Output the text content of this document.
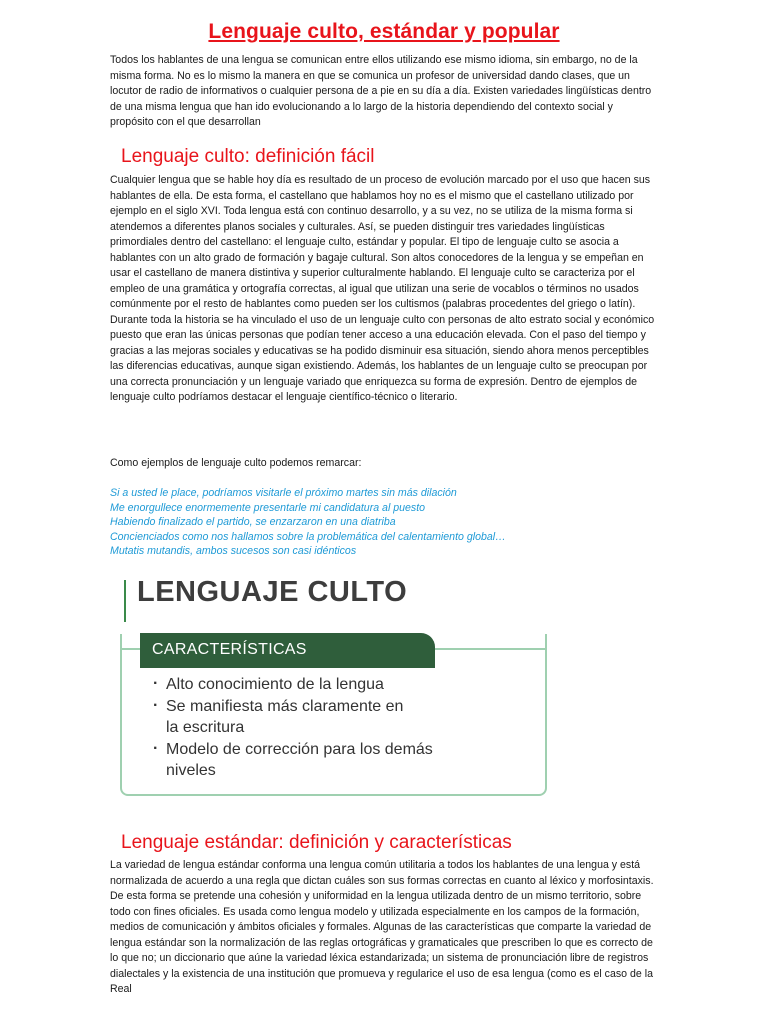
Lenguaje culto, estándar y popular

Todos los hablantes de una lengua se comunican entre ellos utilizando ese mismo idioma, sin embargo, no de la misma forma. No es lo mismo la manera en que se comunica un profesor de universidad dando clases, que un locutor de radio de informativos o cualquier persona de a pie en su día a día. Existen variedades lingüísticas dentro de una misma lengua que han ido evolucionando a lo largo de la historia dependiendo del contexto social y propósito con el que desarrollan

Lenguaje culto: definición fácil

Cualquier lengua que se hable hoy día es resultado de un proceso de evolución marcado por el uso que hacen sus hablantes de ella. De esta forma, el castellano que hablamos hoy no es el mismo que el castellano utilizado por ejemplo en el siglo XVI. Toda lengua está con continuo desarrollo, y a su vez, no se utiliza de la misma forma si atendemos a diferentes planos sociales y culturales. Así, se pueden distinguir tres variedades lingüísticas primordiales dentro del castellano: el lenguaje culto, estándar y popular. El tipo de lenguaje culto se asocia a hablantes con un alto grado de formación y bagaje cultural. Son altos conocedores de la lengua y se empeñan en usar el castellano de manera distintiva y superior culturalmente hablando. El lenguaje culto se caracteriza por el empleo de una gramática y ortografía correctas, al igual que utilizan una serie de vocablos o términos no usados comúnmente por el resto de hablantes como pueden ser los cultismos (palabras procedentes del griego o latín). Durante toda la historia se ha vinculado el uso de un lenguaje culto con personas de alto estrato social y económico puesto que eran las únicas personas que podían tener acceso a una educación elevada. Con el paso del tiempo y gracias a las mejoras sociales y educativas se ha podido disminuir esa situación, siendo ahora menos perceptibles las diferencias educativas, aunque sigan existiendo. Además, los hablantes de un lenguaje culto se preocupan por una correcta pronunciación y un lenguaje variado que enriquezca su forma de expresión. Dentro de ejemplos de lenguaje culto podríamos destacar el lenguaje científico-técnico o literario.

Como ejemplos de lenguaje culto podemos remarcar:

Si a usted le place, podríamos visitarle el próximo martes sin más dilación
Me enorgullece enormemente presentarle mi candidatura al puesto
Habiendo finalizado el partido, se enzarzaron en una diatriba
Concienciados como nos hallamos sobre la problemática del calentamiento global…
Mutatis mutandis, ambos sucesos son casi idénticos
LENGUAJE CULTO
CARACTERÍSTICAS
· Alto conocimiento de la lengua
· Se manifiesta más claramente en la escritura
· Modelo de corrección para los demás niveles
Lenguaje estándar: definición y características

La variedad de lengua estándar conforma una lengua común utilitaria a todos los hablantes de una lengua y está normalizada de acuerdo a una regla que dictan cuáles son sus formas correctas en cuanto al léxico y morfosintaxis. De esta forma se pretende una cohesión y uniformidad en la lengua utilizada dentro de un mismo territorio, sobre todo con fines oficiales. Es usada como lengua modelo y utilizada especialmente en los campos de la formación, medios de comunicación y ámbitos oficiales y formales. Algunas de las características que comparte la variedad de lengua estándar son la normalización de las reglas ortográficas y gramaticales que prescriben lo que es correcto de lo que no; un diccionario que aúne la variedad léxica estandarizada; un sistema de pronunciación libre de registros dialectales y la existencia de una institución que promueva y regularice el uso de esa lengua (como es el caso de la Real
